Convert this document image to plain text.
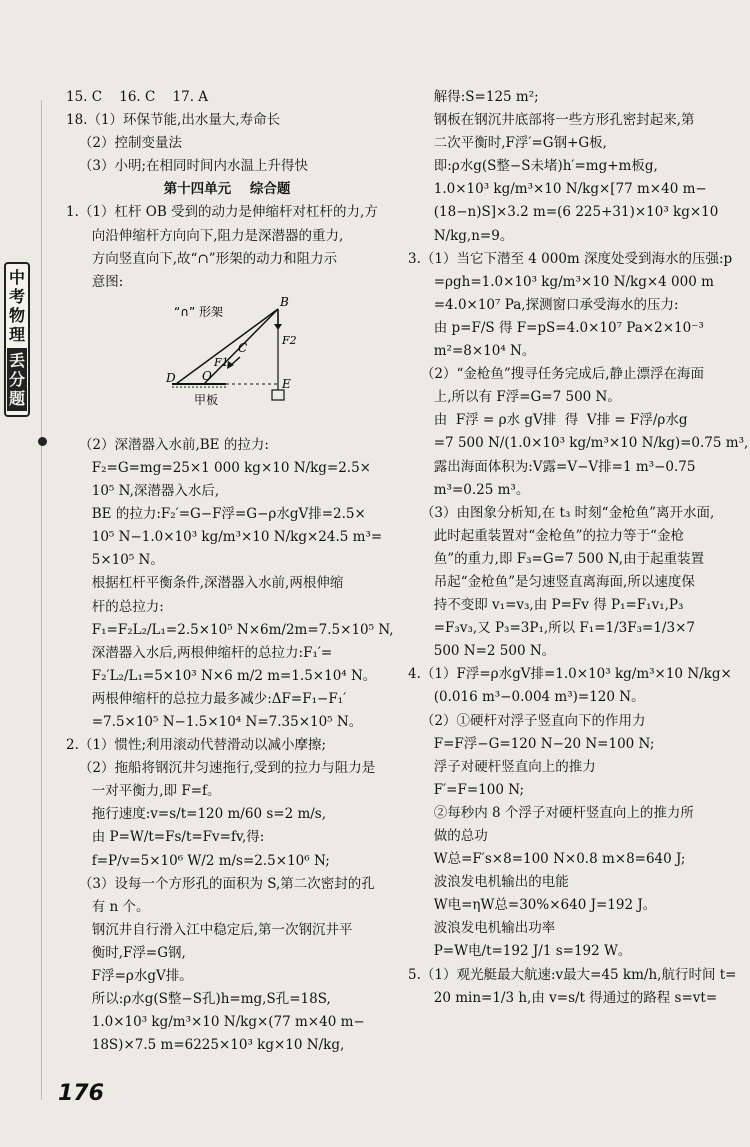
中考物理
丢分题
15. C    16. C    17. A
18.（1）环保节能,出水量大,寿命长
（2）控制变量法
（3）小明;在相同时间内水温上升得快
第十四单元    综合题
1.（1）杠杆 OB 受到的动力是伸缩杆对杠杆的力,方
向沿伸缩杆方向向下,阻力是深潜器的重力,
方向竖直向下,故“∩”形架的动力和阻力示
意图:
“∩” 形架
B
C
F1
F2
D O
E
甲板
（2）深潜器入水前,BE 的拉力:
F₂=G=mg=25×1 000 kg×10 N/kg=2.5×
10⁵ N,深潜器入水后,
BE 的拉力:F₂′=G−F浮=G−ρ水gV排=2.5×
10⁵ N−1.0×10³ kg/m³×10 N/kg×24.5 m³=
5×10⁵ N。
根据杠杆平衡条件,深潜器入水前,两根伸缩
杆的总拉力:
F₁=F₂L₂/L₁=2.5×10⁵ N×6m/2m=7.5×10⁵ N,
深潜器入水后,两根伸缩杆的总拉力:F₁′=
F₂′L₂/L₁=5×10³ N×6 m/2 m=1.5×10⁴ N。
两根伸缩杆的总拉力最多减少:ΔF=F₁−F₁′
=7.5×10⁵ N−1.5×10⁴ N=7.35×10⁵ N。
2.（1）惯性;利用滚动代替滑动以减小摩擦;
（2）拖船将钢沉井匀速拖行,受到的拉力与阻力是
一对平衡力,即 F=f。
拖行速度:v=s/t=120 m/60 s=2 m/s,
由 P=W/t=Fs/t=Fv=fv,得:
f=P/v=5×10⁶ W/2 m/s=2.5×10⁶ N;
（3）设每一个方形孔的面积为 S,第二次密封的孔
有 n 个。
钢沉井自行滑入江中稳定后,第一次钢沉井平
衡时,F浮=G钢,
F浮=ρ水gV排。
所以:ρ水g(S整−S孔)h=mg,S孔=18S,
1.0×10³ kg/m³×10 N/kg×(77 m×40 m−
18S)×7.5 m=6225×10³ kg×10 N/kg,
解得:S=125 m²;
钢板在钢沉井底部将一些方形孔密封起来,第
二次平衡时,F浮′=G钢+G板,
即:ρ水g(S整−S未堵)h′=mg+m板g,
1.0×10³ kg/m³×10 N/kg×[77 m×40 m−
(18−n)S]×3.2 m=(6 225+31)×10³ kg×10
N/kg,n=9。
3.（1）当它下潜至 4 000m 深度处受到海水的压强:p
=ρgh=1.0×10³ kg/m³×10 N/kg×4 000 m
=4.0×10⁷ Pa,探测窗口承受海水的压力:
由 p=F/S 得 F=pS=4.0×10⁷ Pa×2×10⁻³
m²=8×10⁴ N。
（2）“金枪鱼”搜寻任务完成后,静止漂浮在海面
上,所以有 F浮=G=7 500 N。
由  F浮 = ρ水 gV排  得  V排 = F浮/ρ水g
=7 500 N/(1.0×10³ kg/m³×10 N/kg)=0.75 m³,
露出海面体积为:V露=V−V排=1 m³−0.75
m³=0.25 m³。
（3）由图象分析知,在 t₃ 时刻“金枪鱼”离开水面,
此时起重装置对“金枪鱼”的拉力等于“金枪
鱼”的重力,即 F₃=G=7 500 N,由于起重装置
吊起“金枪鱼”是匀速竖直离海面,所以速度保
持不变即 v₁=v₃,由 P=Fv 得 P₁=F₁v₁,P₃
=F₃v₃,又 P₃=3P₁,所以 F₁=1/3F₃=1/3×7
500 N=2 500 N。
4.（1）F浮=ρ水gV排=1.0×10³ kg/m³×10 N/kg×
(0.016 m³−0.004 m³)=120 N。
（2）①硬杆对浮子竖直向下的作用力
F=F浮−G=120 N−20 N=100 N;
浮子对硬杆竖直向上的推力
F′=F=100 N;
②每秒内 8 个浮子对硬杆竖直向上的推力所
做的总功
W总=F′s×8=100 N×0.8 m×8=640 J;
波浪发电机输出的电能
W电=ηW总=30%×640 J=192 J。
波浪发电机输出功率
P=W电/t=192 J/1 s=192 W。
5.（1）观光艇最大航速:v最大=45 km/h,航行时间 t=
20 min=1/3 h,由 v=s/t 得通过的路程 s=vt=
176
